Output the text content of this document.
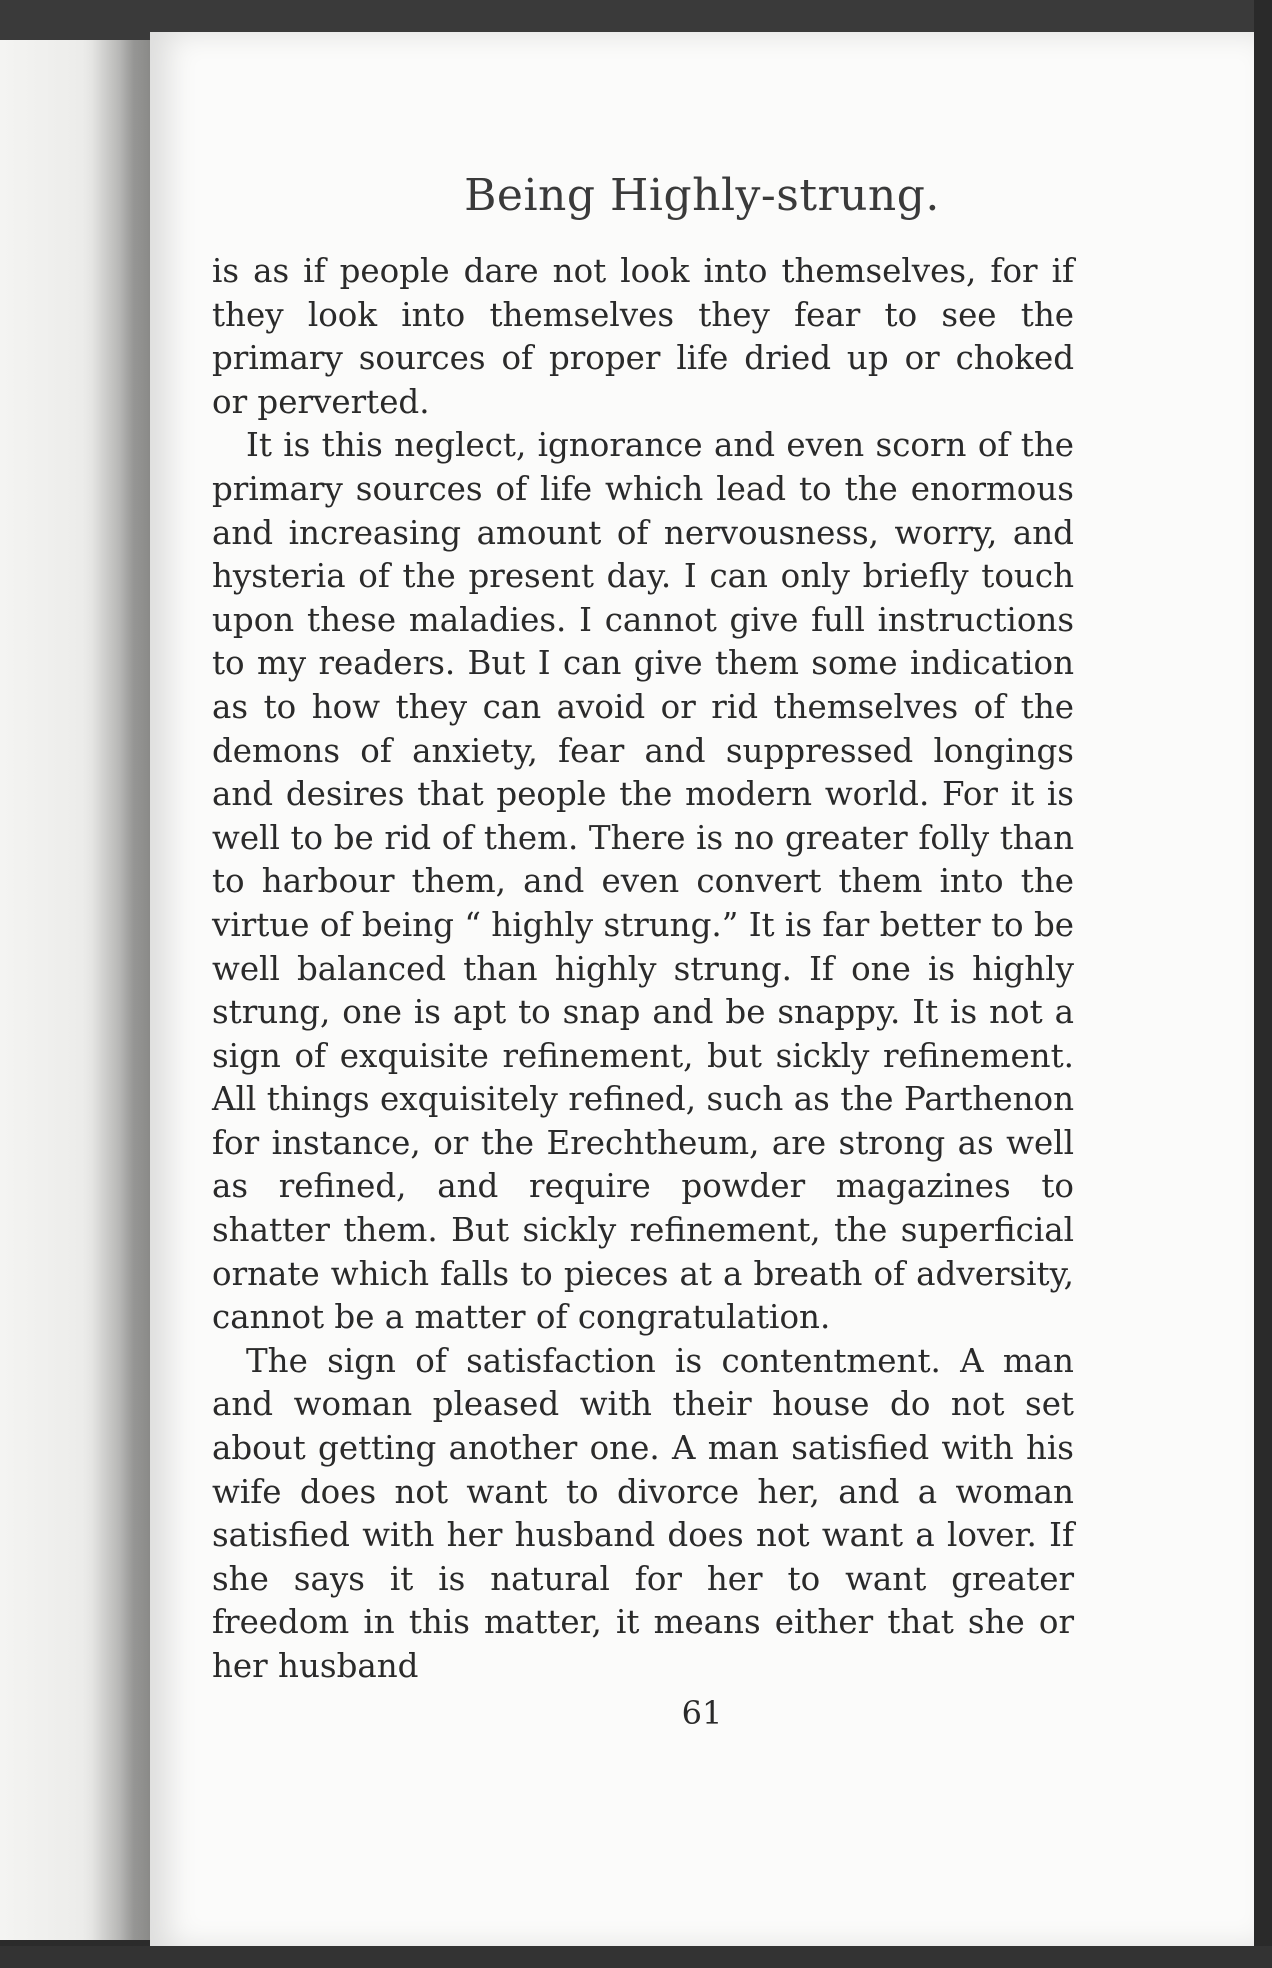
Being Highly-strung.

is as if people dare not look into themselves, for if they look into themselves they fear to see the primary sources of proper life dried up or choked or perverted.

It is this neglect, ignorance and even scorn of the primary sources of life which lead to the enormous and increasing amount of nervousness, worry, and hysteria of the present day. I can only briefly touch upon these maladies. I cannot give full instructions to my readers. But I can give them some indication as to how they can avoid or rid themselves of the demons of anxiety, fear and suppressed longings and desires that people the modern world. For it is well to be rid of them. There is no greater folly than to harbour them, and even convert them into the virtue of being “ highly strung.” It is far better to be well balanced than highly strung. If one is highly strung, one is apt to snap and be snappy. It is not a sign of exquisite refinement, but sickly refinement. All things exquisitely refined, such as the Parthenon for instance, or the Erechtheum, are strong as well as refined, and require powder magazines to shatter them. But sickly refinement, the superficial ornate which falls to pieces at a breath of adversity, cannot be a matter of congratulation.

The sign of satisfaction is contentment. A man and woman pleased with their house do not set about getting another one. A man satisfied with his wife does not want to divorce her, and a woman satisfied with her husband does not want a lover. If she says it is natural for her to want greater freedom in this matter, it means either that she or her husband

61
